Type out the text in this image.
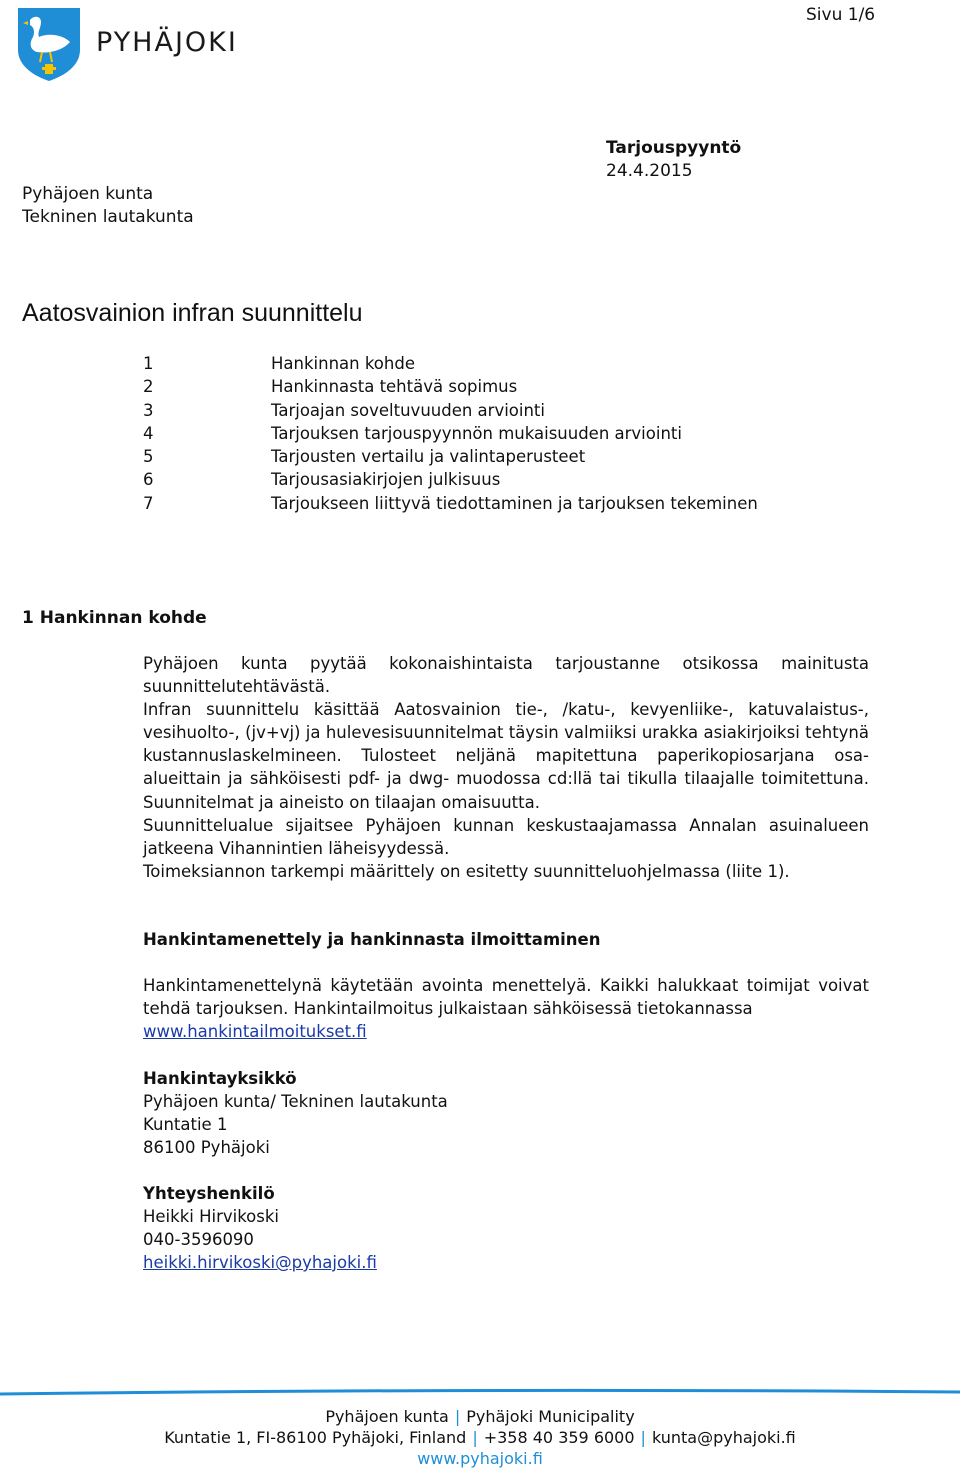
PYHÄJOKI
Sivu 1/6
Tarjouspyyntö
24.4.2015
Pyhäjoen kunta
Tekninen lautakunta
Aatosvainion infran suunnittelu
1	Hankinnan kohde
2	Hankinnasta tehtävä sopimus
3	Tarjoajan soveltuvuuden arviointi
4	Tarjouksen tarjouspyynnön mukaisuuden arviointi
5	Tarjousten vertailu ja valintaperusteet
6	Tarjousasiakirjojen julkisuus
7	Tarjoukseen liittyvä tiedottaminen ja tarjouksen tekeminen
1 Hankinnan kohde

Pyhäjoen kunta pyytää kokonaishintaista tarjoustanne otsikossa mainitusta suunnittelutehtävästä.

Infran suunnittelu käsittää Aatosvainion tie-, /katu-, kevyenliike-, katuvalaistus-, vesihuolto-, (jv+vj) ja hulevesisuunnitelmat täysin valmiiksi urakka asiakirjoiksi tehtynä kustannuslaskelmineen. Tulosteet neljänä mapitettuna paperikopiosarjana osa-alueittain ja sähköisesti pdf- ja dwg- muodossa cd:llä tai tikulla tilaajalle toimitettuna. Suunnitelmat ja aineisto on tilaajan omaisuutta.

Suunnittelualue sijaitsee Pyhäjoen kunnan keskustaajamassa Annalan asuinalueen jatkeena Vihannintien läheisyydessä.

Toimeksiannon tarkempi määrittely on esitetty suunnitteluohjelmassa (liite 1).

Hankintamenettely ja hankinnasta ilmoittaminen

Hankintamenettelynä käytetään avointa menettelyä. Kaikki halukkaat toimijat voivat tehdä tarjouksen. Hankintailmoitus julkaistaan sähköisessä tietokannassa

www.hankintailmoitukset.fi
Hankintayksikkö
Pyhäjoen kunta/ Tekninen lautakunta
Kuntatie 1
86100 Pyhäjoki
Yhteyshenkilö
Heikki Hirvikoski
040-3596090
heikki.hirvikoski@pyhajoki.fi
Pyhäjoen kunta | Pyhäjoki Municipality
Kuntatie 1, FI-86100 Pyhäjoki, Finland | +358 40 359 6000 | kunta@pyhajoki.fi
www.pyhajoki.fi
